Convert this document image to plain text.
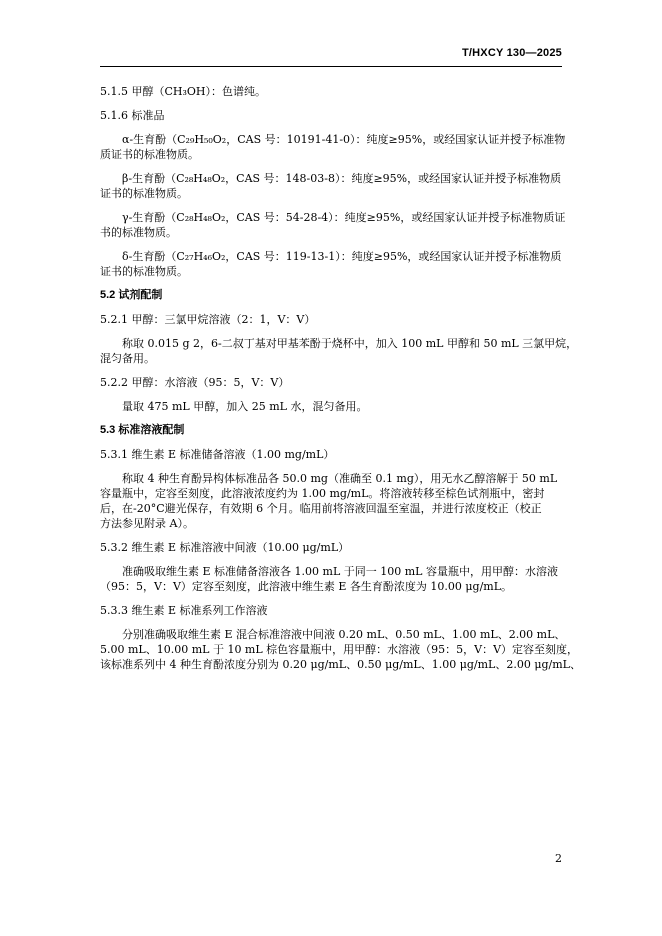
T/HXCY 130—2025
5.1.5 甲醇（CH₃OH）：色谱纯。
5.1.6 标准品
α-生育酚（C₂₉H₅₀O₂，CAS 号：10191-41-0）：纯度≥95%，或经国家认证并授予标准物
质证书的标准物质。
β-生育酚（C₂₈H₄₈O₂，CAS 号：148-03-8）：纯度≥95%，或经国家认证并授予标准物质
证书的标准物质。
γ-生育酚（C₂₈H₄₈O₂，CAS 号：54-28-4）：纯度≥95%，或经国家认证并授予标准物质证
书的标准物质。
δ-生育酚（C₂₇H₄₆O₂，CAS 号：119-13-1）：纯度≥95%，或经国家认证并授予标准物质
证书的标准物质。
5.2 试剂配制
5.2.1 甲醇：三氯甲烷溶液（2：1，V：V）
称取 0.015 g 2，6-二叔丁基对甲基苯酚于烧杯中，加入 100 mL 甲醇和 50 mL 三氯甲烷，
混匀备用。
5.2.2 甲醇：水溶液（95：5，V：V）
量取 475 mL 甲醇，加入 25 mL 水，混匀备用。
5.3 标准溶液配制
5.3.1 维生素 E 标准储备溶液（1.00 mg/mL）
称取 4 种生育酚异构体标准品各 50.0 mg（准确至 0.1 mg），用无水乙醇溶解于 50 mL
容量瓶中，定容至刻度，此溶液浓度约为 1.00 mg/mL。将溶液转移至棕色试剂瓶中，密封
后，在-20°C避光保存，有效期 6 个月。临用前将溶液回温至室温，并进行浓度校正（校正
方法参见附录 A）。
5.3.2 维生素 E 标准溶液中间液（10.00 μg/mL）
准确吸取维生素 E 标准储备溶液各 1.00 mL 于同一 100 mL 容量瓶中，用甲醇：水溶液
（95：5，V：V）定容至刻度，此溶液中维生素 E 各生育酚浓度为 10.00 μg/mL。
5.3.3 维生素 E 标准系列工作溶液
分别准确吸取维生素 E 混合标准溶液中间液 0.20 mL、0.50 mL、1.00 mL、2.00 mL、
5.00 mL、10.00 mL 于 10 mL 棕色容量瓶中，用甲醇：水溶液（95：5，V：V）定容至刻度，
该标准系列中 4 种生育酚浓度分别为 0.20 μg/mL、0.50 μg/mL、1.00 μg/mL、2.00 μg/mL、
2
